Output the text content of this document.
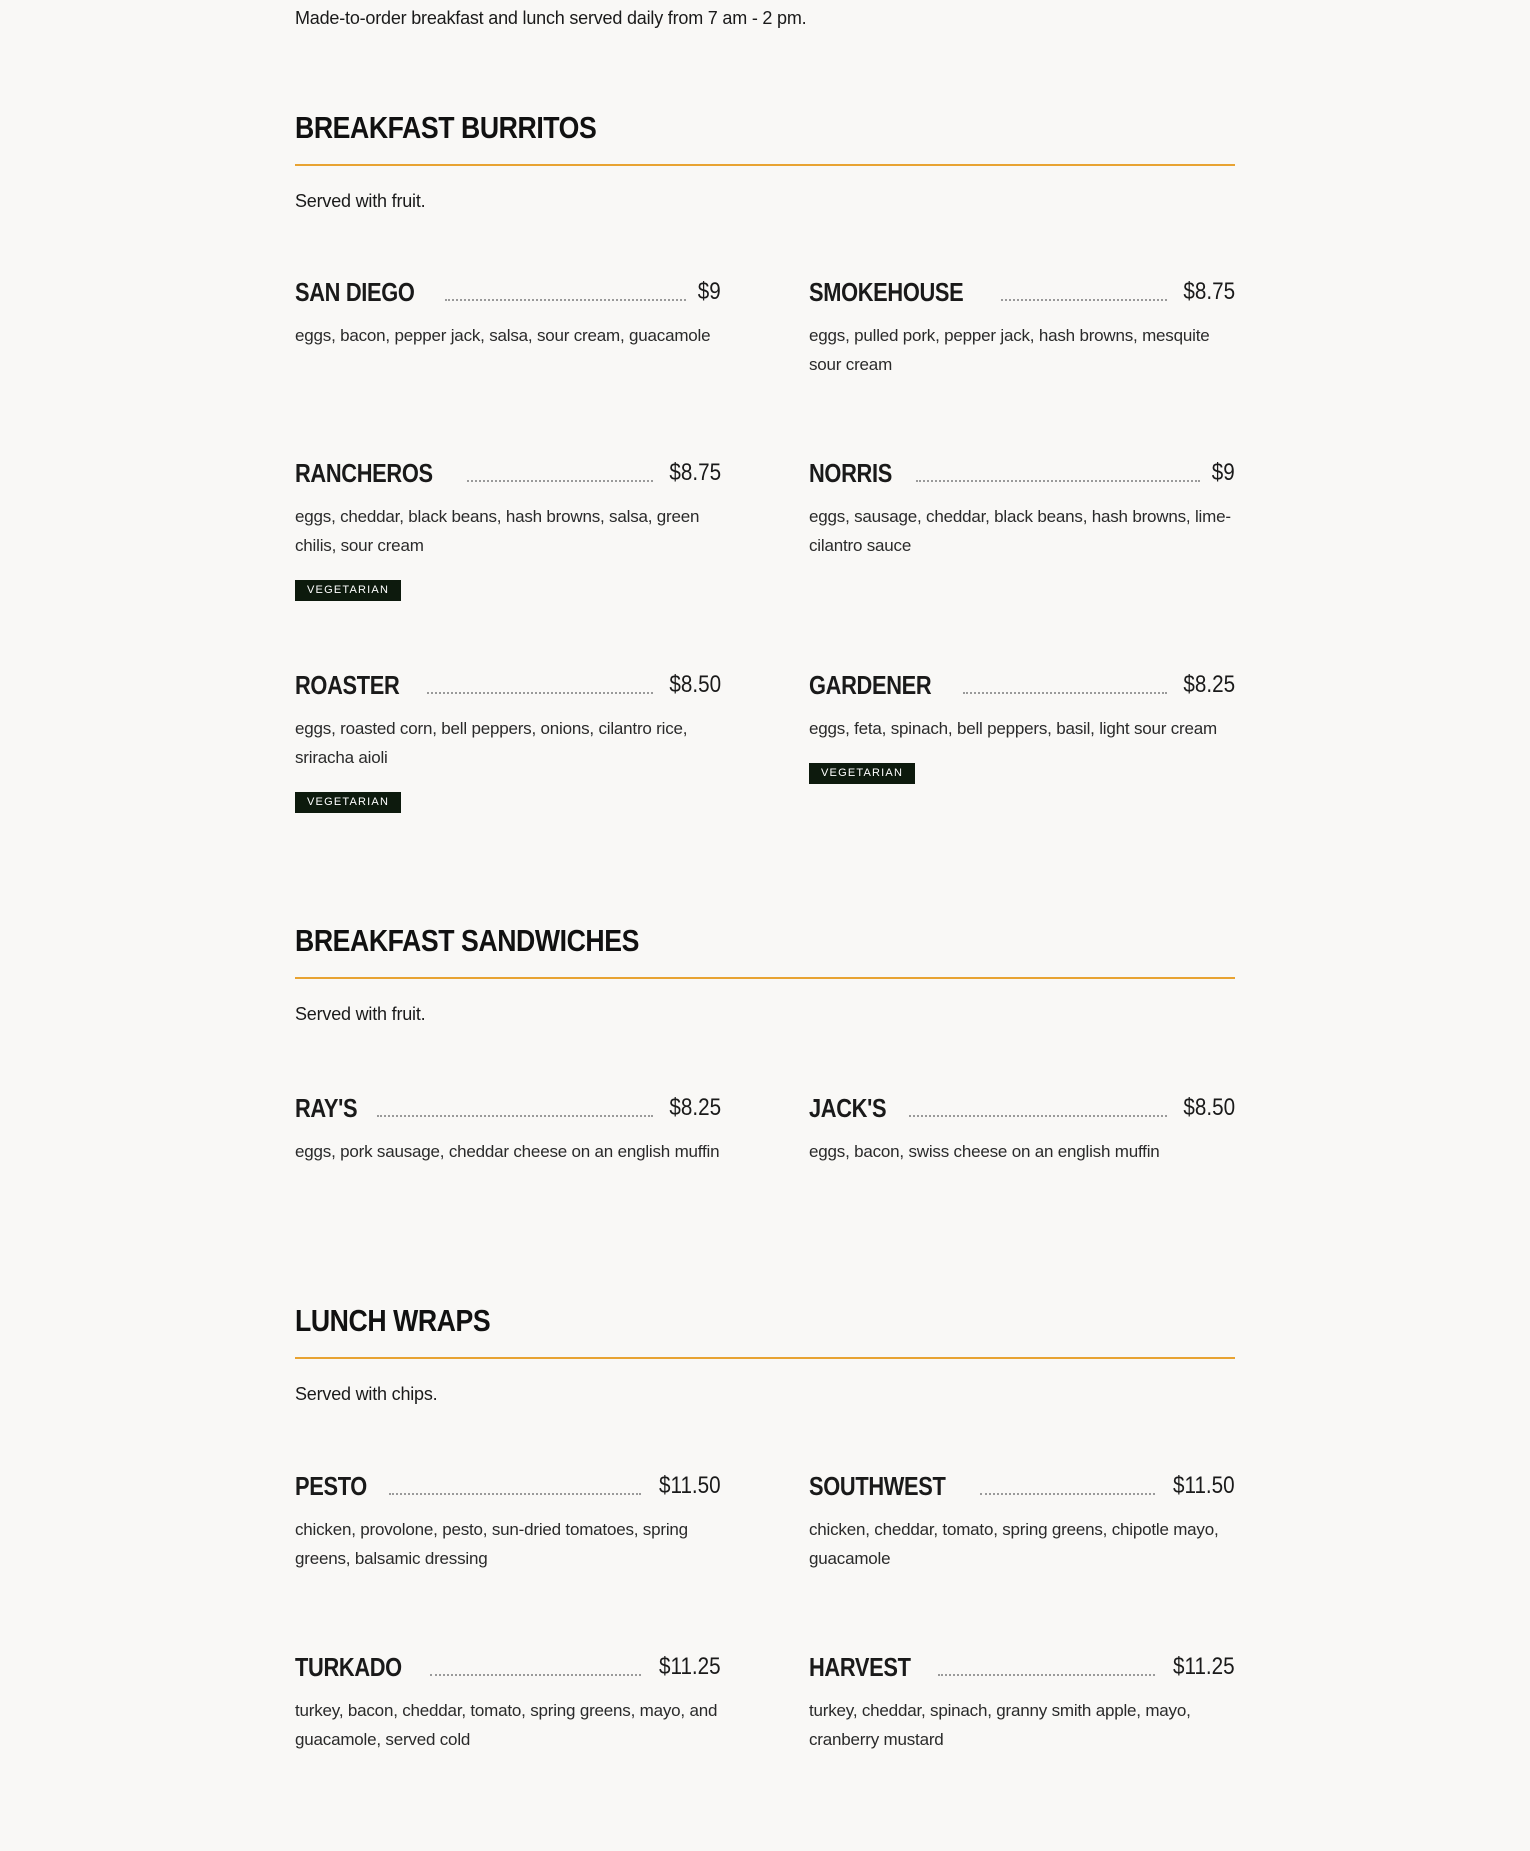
Made-to-order breakfast and lunch served daily from 7 am - 2 pm.

BREAKFAST BURRITOS

Served with fruit.

SAN DIEGO	$9

eggs, bacon, pepper jack, salsa, sour cream, guacamole

SMOKEHOUSE	$8.75

eggs, pulled pork, pepper jack, hash browns, mesquite sour cream

RANCHEROS	$8.75

eggs, cheddar, black beans, hash browns, salsa, green chilis, sour cream

VEGETARIAN
NORRIS	$9

eggs, sausage, cheddar, black beans, hash browns, lime-cilantro sauce

ROASTER	$8.50

eggs, roasted corn, bell peppers, onions, cilantro rice, sriracha aioli

VEGETARIAN
GARDENER	$8.25

eggs, feta, spinach, bell peppers, basil, light sour cream

VEGETARIAN
BREAKFAST SANDWICHES

Served with fruit.

RAY'S	$8.25

eggs, pork sausage, cheddar cheese on an english muffin

JACK'S	$8.50

eggs, bacon, swiss cheese on an english muffin

LUNCH WRAPS

Served with chips.

PESTO	$11.50

chicken, provolone, pesto, sun-dried tomatoes, spring greens, balsamic dressing

SOUTHWEST	$11.50

chicken, cheddar, tomato, spring greens, chipotle mayo, guacamole

TURKADO	$11.25

turkey, bacon, cheddar, tomato, spring greens, mayo, and guacamole, served cold

HARVEST	$11.25

turkey, cheddar, spinach, granny smith apple, mayo, cranberry mustard
